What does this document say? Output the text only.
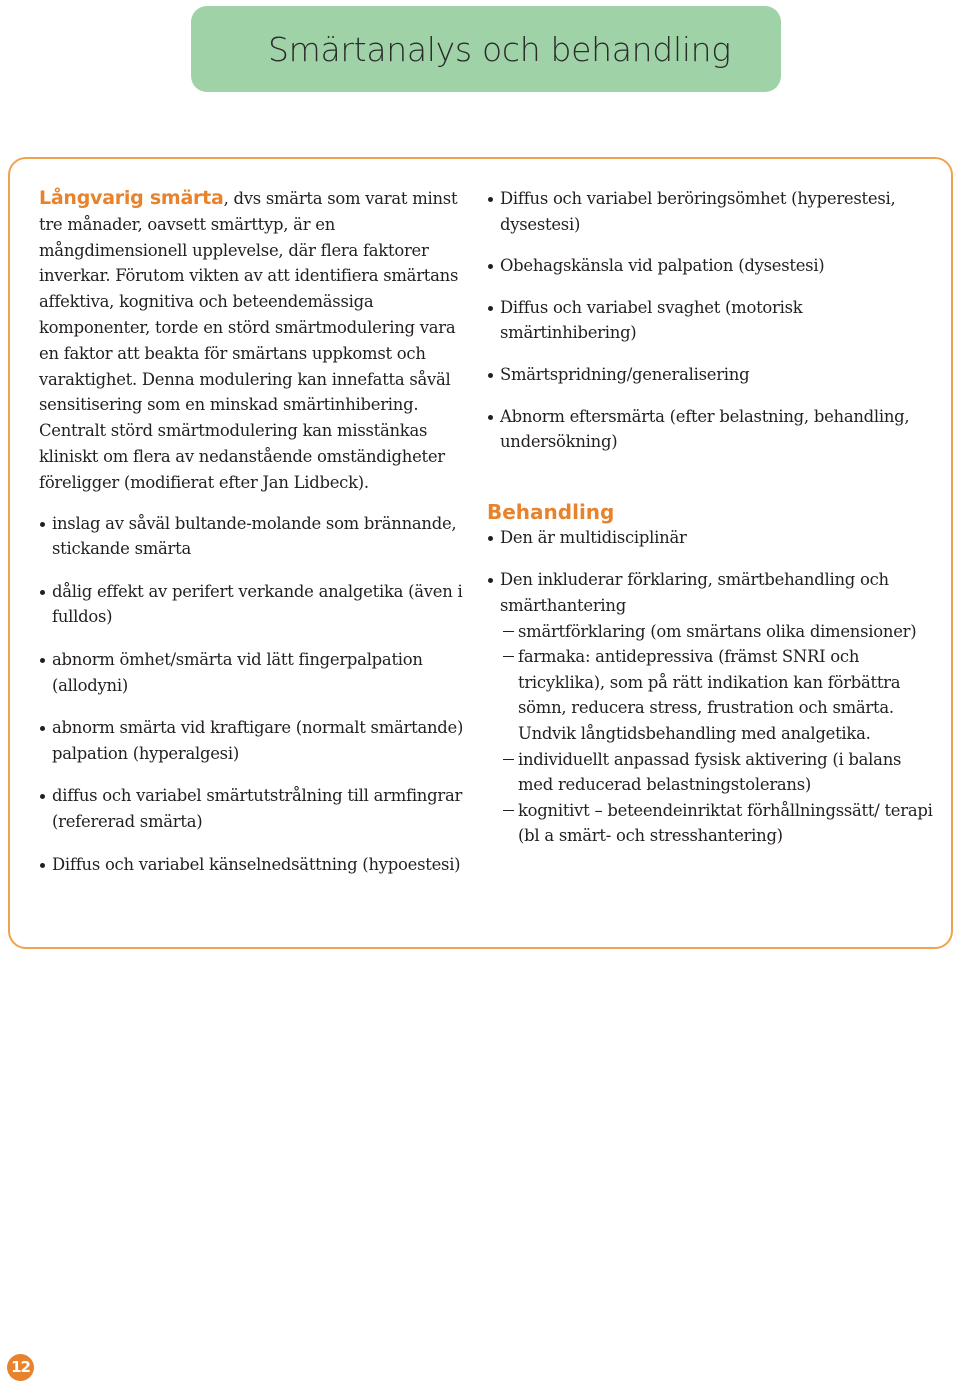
Smärtanalys och behandling

Långvarig smärta, dvs smärta som varat minst tre månader, oavsett smärttyp, är en mångdimensionell upplevelse, där flera faktorer inverkar. Förutom vikten av att identifiera smärtans affektiva, kognitiva och beteendemässiga komponenter, torde en störd smärtmodulering vara en faktor att beakta för smärtans uppkomst och varaktighet. Denna modulering kan innefatta såväl sensitisering som en minskad smärtinhibering. Centralt störd smärtmodulering kan misstänkas kliniskt om flera av nedanstående omständigheter föreligger (modifierat efter Jan Lidbeck).

inslag av såväl bultande-molande som brännande, stickande smärta
dålig effekt av perifert verkande analgetika (även i fulldos)
abnorm ömhet/smärta vid lätt fingerpalpation (allodyni)
abnorm smärta vid kraftigare (normalt smärtande) palpation (hyperalgesi)
diffus och variabel smärtutstrålning till armfingrar (refererad smärta)
Diffus och variabel känselnedsättning (hypoestesi)
Diffus och variabel beröringsömhet (hyperestesi, dysestesi)
Obehagskänsla vid palpation (dysestesi)
Diffus och variabel svaghet (motorisk smärtinhibering)
Smärtspridning/generalisering
Abnorm eftersmärta (efter belastning, behandling, undersökning)
Behandling
Den är multidisciplinär
Den inkluderar förklaring, smärtbehandling och smärthantering
smärtförklaring (om smärtans olika dimensioner)
farmaka: antidepressiva (främst SNRI och tricyklika), som på rätt indikation kan förbättra sömn, reducera stress, frustration och smärta. Undvik långtidsbehandling med analgetika.
individuellt anpassad fysisk aktivering (i balans med reducerad belastningstolerans)
kognitivt – beteendeinriktat förhållningssätt/ terapi (bl a smärt- och stresshantering)
12
